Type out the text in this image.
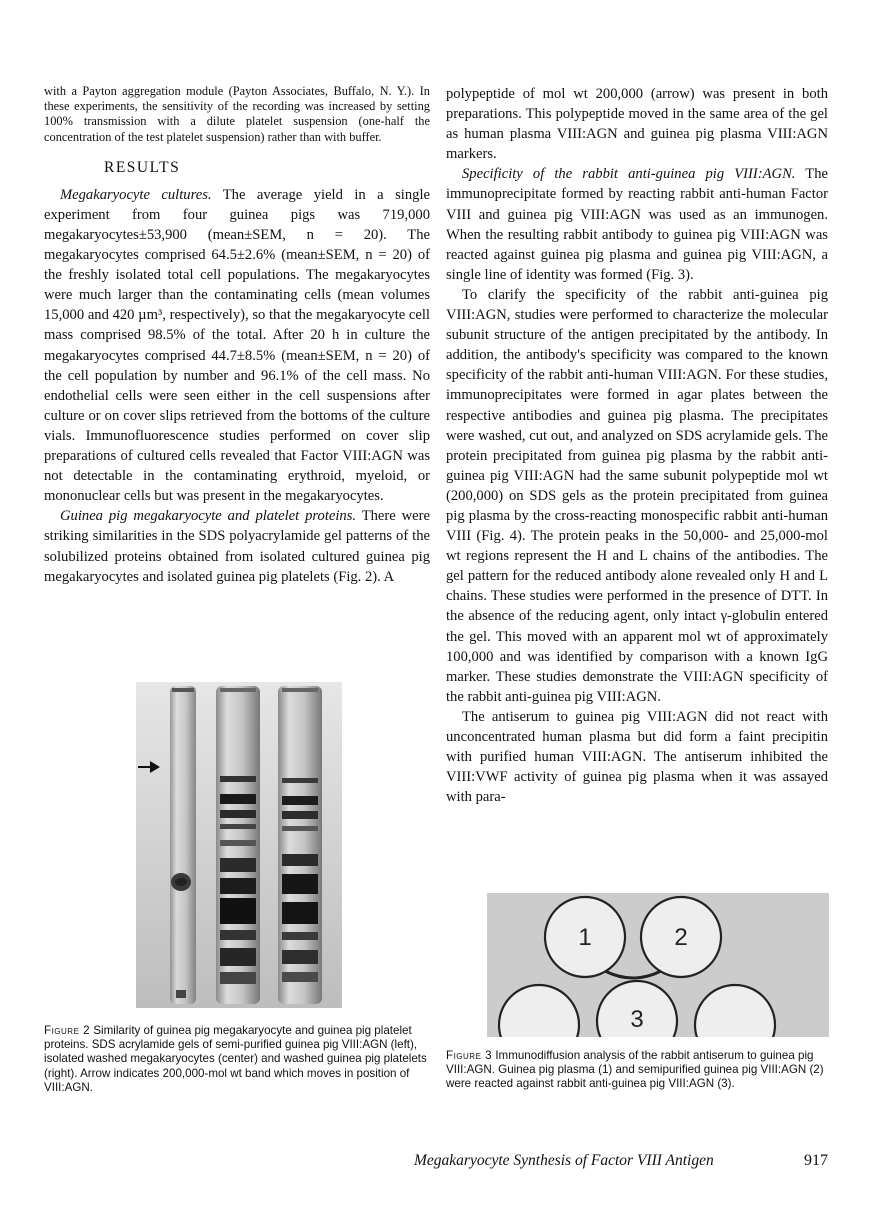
with a Payton aggregation module (Payton Associates, Buffalo, N. Y.). In these experiments, the sensitivity of the recording was increased by setting 100% transmission with a dilute platelet suspension (one-half the concentration of the test platelet suspension) rather than with buffer.

RESULTS

Megakaryocyte cultures. The average yield in a single experiment from four guinea pigs was 719,000 megakaryocytes±53,900 (mean±SEM, n = 20). The megakaryocytes comprised 64.5±2.6% (mean±SEM, n = 20) of the freshly isolated total cell populations. The megakaryocytes were much larger than the contaminating cells (mean volumes 15,000 and 420 µm³, respectively), so that the megakaryocyte cell mass comprised 98.5% of the total. After 20 h in culture the megakaryocytes comprised 44.7±8.5% (mean±SEM, n = 20) of the cell population by number and 96.1% of the cell mass. No endothelial cells were seen either in the cell suspensions after culture or on cover slips retrieved from the bottoms of the culture vials. Immunofluorescence studies performed on cover slip preparations of cultured cells revealed that Factor VIII:AGN was not detectable in the contaminating erythroid, myeloid, or mononuclear cells but was present in the megakaryocytes.

Guinea pig megakaryocyte and platelet proteins. There were striking similarities in the SDS polyacrylamide gel patterns of the solubilized proteins obtained from isolated cultured guinea pig megakaryocytes and isolated guinea pig platelets (Fig. 2). A

Figure 2 Similarity of guinea pig megakaryocyte and guinea pig platelet proteins. SDS acrylamide gels of semi-purified guinea pig VIII:AGN (left), isolated washed megakaryocytes (center) and washed guinea pig platelets (right). Arrow indicates 200,000-mol wt band which moves in position of VIII:AGN.

polypeptide of mol wt 200,000 (arrow) was present in both preparations. This polypeptide moved in the same area of the gel as human plasma VIII:AGN and guinea pig plasma VIII:AGN markers.

Specificity of the rabbit anti-guinea pig VIII:AGN. The immunoprecipitate formed by reacting rabbit anti-human Factor VIII and guinea pig VIII:AGN was used as an immunogen. When the resulting rabbit antibody to guinea pig VIII:AGN was reacted against guinea pig plasma and guinea pig VIII:AGN, a single line of identity was formed (Fig. 3).

To clarify the specificity of the rabbit anti-guinea pig VIII:AGN, studies were performed to characterize the molecular subunit structure of the antigen precipitated by the antibody. In addition, the antibody's specificity was compared to the known specificity of the rabbit anti-human VIII:AGN. For these studies, immunoprecipitates were formed in agar plates between the respective antibodies and guinea pig plasma. The precipitates were washed, cut out, and analyzed on SDS acrylamide gels. The protein precipitated from guinea pig plasma by the rabbit anti-guinea pig VIII:AGN had the same subunit polypeptide mol wt (200,000) on SDS gels as the protein precipitated from guinea pig plasma by the cross-reacting monospecific rabbit anti-human VIII (Fig. 4). The protein peaks in the 50,000- and 25,000-mol wt regions represent the H and L chains of the antibodies. The gel pattern for the reduced antibody alone revealed only H and L chains. These studies were performed in the presence of DTT. In the absence of the reducing agent, only intact γ-globulin entered the gel. This moved with an apparent mol wt of approximately 100,000 and was identified by comparison with a known IgG marker. These studies demonstrate the VIII:AGN specificity of the rabbit anti-guinea pig VIII:AGN.

The antiserum to guinea pig VIII:AGN did not react with unconcentrated human plasma but did form a faint precipitin with purified human VIII:AGN. The antiserum inhibited the VIII:VWF activity of guinea pig plasma when it was assayed with para-

1	2
3

Figure 3 Immunodiffusion analysis of the rabbit antiserum to guinea pig VIII:AGN. Guinea pig plasma (1) and semipurified guinea pig VIII:AGN (2) were reacted against rabbit anti-guinea pig VIII:AGN (3).

Megakaryocyte Synthesis of Factor VIII Antigen	917
